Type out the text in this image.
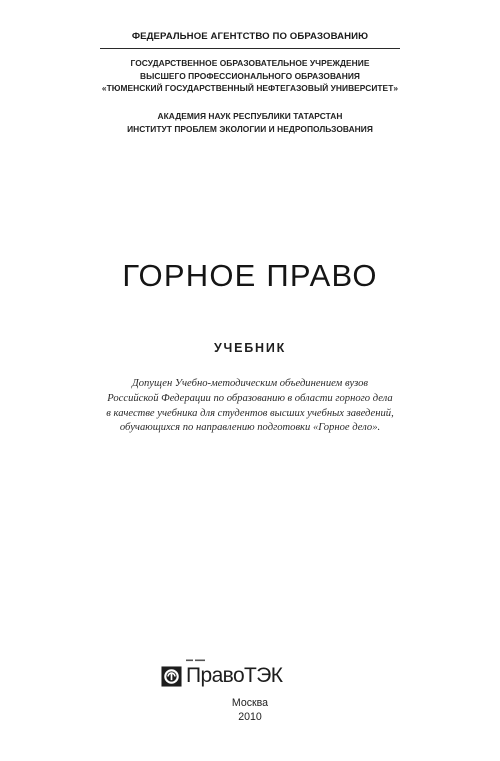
ФЕДЕРАЛЬНОЕ АГЕНТСТВО ПО ОБРАЗОВАНИЮ

ГОСУДАРСТВЕННОЕ ОБРАЗОВАТЕЛЬНОЕ УЧРЕЖДЕНИЕ
ВЫСШЕГО ПРОФЕССИОНАЛЬНОГО ОБРАЗОВАНИЯ
«ТЮМЕНСКИЙ ГОСУДАРСТВЕННЫЙ НЕФТЕГАЗОВЫЙ УНИВЕРСИТЕТ»
АКАДЕМИЯ НАУК РЕСПУБЛИКИ ТАТАРСТАН
ИНСТИТУТ ПРОБЛЕМ ЭКОЛОГИИ И НЕДРОПОЛЬЗОВАНИЯ
ГОРНОЕ ПРАВО

УЧЕБНИК

Допущен Учебно-методическим объединением вузов
Российской Федерации по образованию в области горного дела
в качестве учебника для студентов высших учебных заведений,
обучающихся по направлению подготовки «Горное дело».
ПравоТЭК

Москва

2010
